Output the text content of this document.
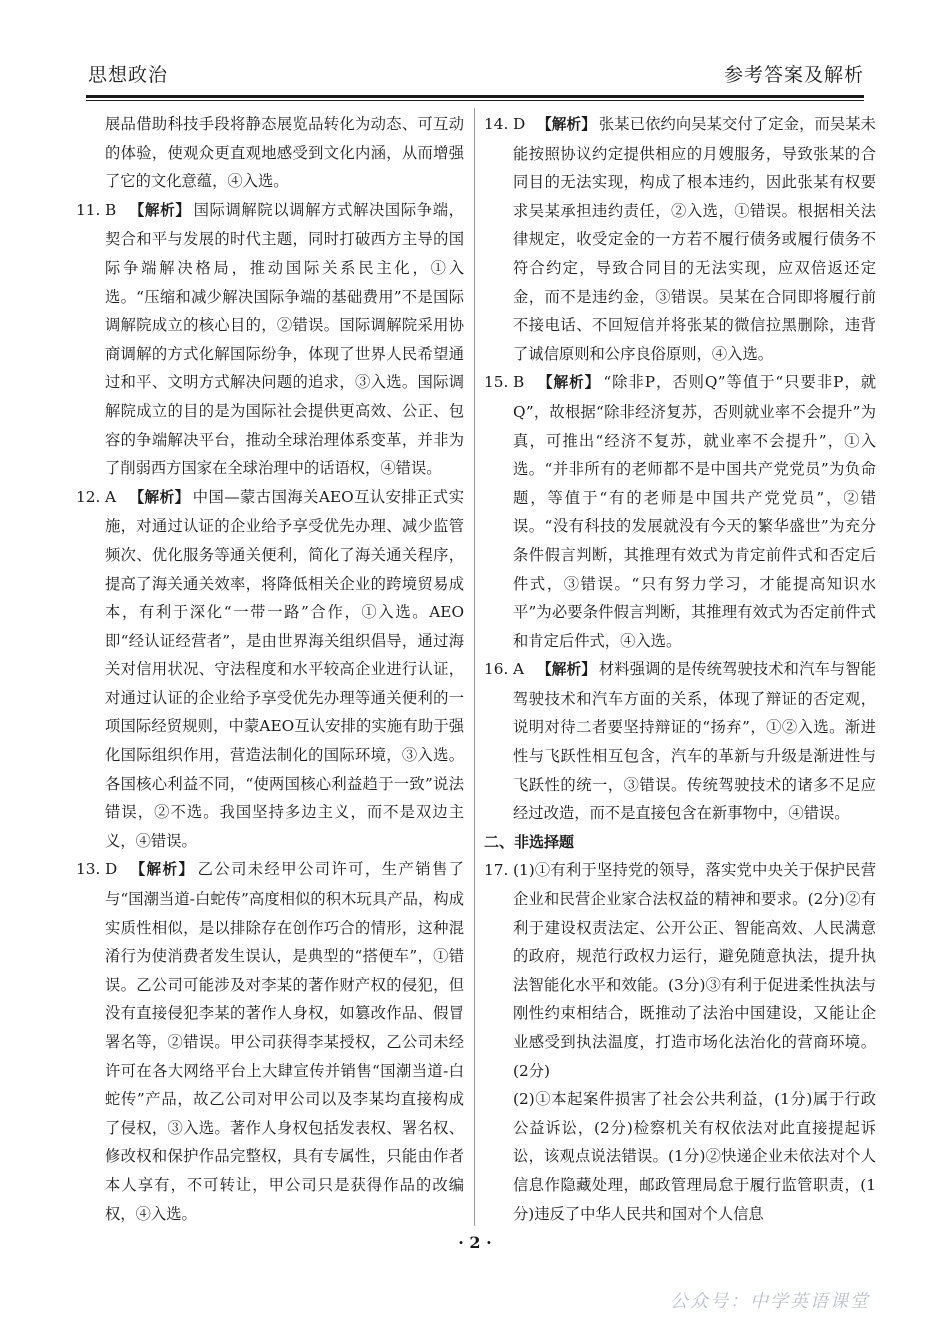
思想政治	参考答案及解析

展品借助科技手段将静态展览品转化为动态、可互动的体验，使观众更直观地感受到文化内涵，从而增强了它的文化意蕴，④入选。

11. B 【解析】 国际调解院以调解方式解决国际争端，契合和平与发展的时代主题，同时打破西方主导的国际争端解决格局，推动国际关系民主化，①入选。“压缩和减少解决国际争端的基础费用”不是国际调解院成立的核心目的，②错误。国际调解院采用协商调解的方式化解国际纷争，体现了世界人民希望通过和平、文明方式解决问题的追求，③入选。国际调解院成立的目的是为国际社会提供更高效、公正、包容的争端解决平台，推动全球治理体系变革，并非为了削弱西方国家在全球治理中的话语权，④错误。

12. A 【解析】 中国—蒙古国海关AEO互认安排正式实施，对通过认证的企业给予享受优先办理、减少监管频次、优化服务等通关便利，简化了海关通关程序，提高了海关通关效率，将降低相关企业的跨境贸易成本，有利于深化“一带一路”合作，①入选。AEO即“经认证经营者”，是由世界海关组织倡导，通过海关对信用状况、守法程度和水平较高企业进行认证，对通过认证的企业给予享受优先办理等通关便利的一项国际经贸规则，中蒙AEO互认安排的实施有助于强化国际组织作用，营造法制化的国际环境，③入选。各国核心利益不同，“使两国核心利益趋于一致”说法错误，②不选。我国坚持多边主义，而不是双边主义，④错误。

13. D 【解析】 乙公司未经甲公司许可，生产销售了与“国潮当道-白蛇传”高度相似的积木玩具产品，构成实质性相似，是以排除存在创作巧合的情形，这种混淆行为使消费者发生误认，是典型的“搭便车”，①错误。乙公司可能涉及对李某的著作财产权的侵犯，但没有直接侵犯李某的著作人身权，如篡改作品、假冒署名等，②错误。甲公司获得李某授权，乙公司未经许可在各大网络平台上大肆宣传并销售“国潮当道-白蛇传”产品，故乙公司对甲公司以及李某均直接构成了侵权，③入选。著作人身权包括发表权、署名权、修改权和保护作品完整权，具有专属性，只能由作者本人享有，不可转让，甲公司只是获得作品的改编权，④入选。

14. D 【解析】 张某已依约向吴某交付了定金，而吴某未能按照协议约定提供相应的月嫂服务，导致张某的合同目的无法实现，构成了根本违约，因此张某有权要求吴某承担违约责任，②入选，①错误。根据相关法律规定，收受定金的一方若不履行债务或履行债务不符合约定，导致合同目的无法实现，应双倍返还定金，而不是违约金，③错误。吴某在合同即将履行前不接电话、不回短信并将张某的微信拉黑删除，违背了诚信原则和公序良俗原则，④入选。

15. B 【解析】 “除非P，否则Q”等值于“只要非P，就Q”，故根据“除非经济复苏，否则就业率不会提升”为真，可推出“经济不复苏，就业率不会提升”，①入选。“并非所有的老师都不是中国共产党党员”为负命题，等值于“有的老师是中国共产党党员”，②错误。“没有科技的发展就没有今天的繁华盛世”为充分条件假言判断，其推理有效式为肯定前件式和否定后件式，③错误。“只有努力学习，才能提高知识水平”为必要条件假言判断，其推理有效式为否定前件式和肯定后件式，④入选。

16. A 【解析】 材料强调的是传统驾驶技术和汽车与智能驾驶技术和汽车方面的关系，体现了辩证的否定观，说明对待二者要坚持辩证的“扬弃”，①②入选。渐进性与飞跃性相互包含，汽车的革新与升级是渐进性与飞跃性的统一，③错误。传统驾驶技术的诸多不足应经过改造，而不是直接包含在新事物中，④错误。

二、非选择题

17. (1)①有利于坚持党的领导，落实党中央关于保护民营企业和民营企业家合法权益的精神和要求。(2分)②有利于建设权责法定、公开公正、智能高效、人民满意的政府，规范行政权力运行，避免随意执法，提升执法智能化水平和效能。(3分)③有利于促进柔性执法与刚性约束相结合，既推动了法治中国建设，又能让企业感受到执法温度，打造市场化法治化的营商环境。(2分)

(2)①本起案件损害了社会公共利益，(1分)属于行政公益诉讼，(2分)检察机关有权依法对此直接提起诉讼，该观点说法错误。(1分)②快递企业未依法对个人信息作隐藏处理，邮政管理局怠于履行监管职责，(1分)违反了中华人民共和国对个人信息

· 2 ·
公众号：中学英语课堂
